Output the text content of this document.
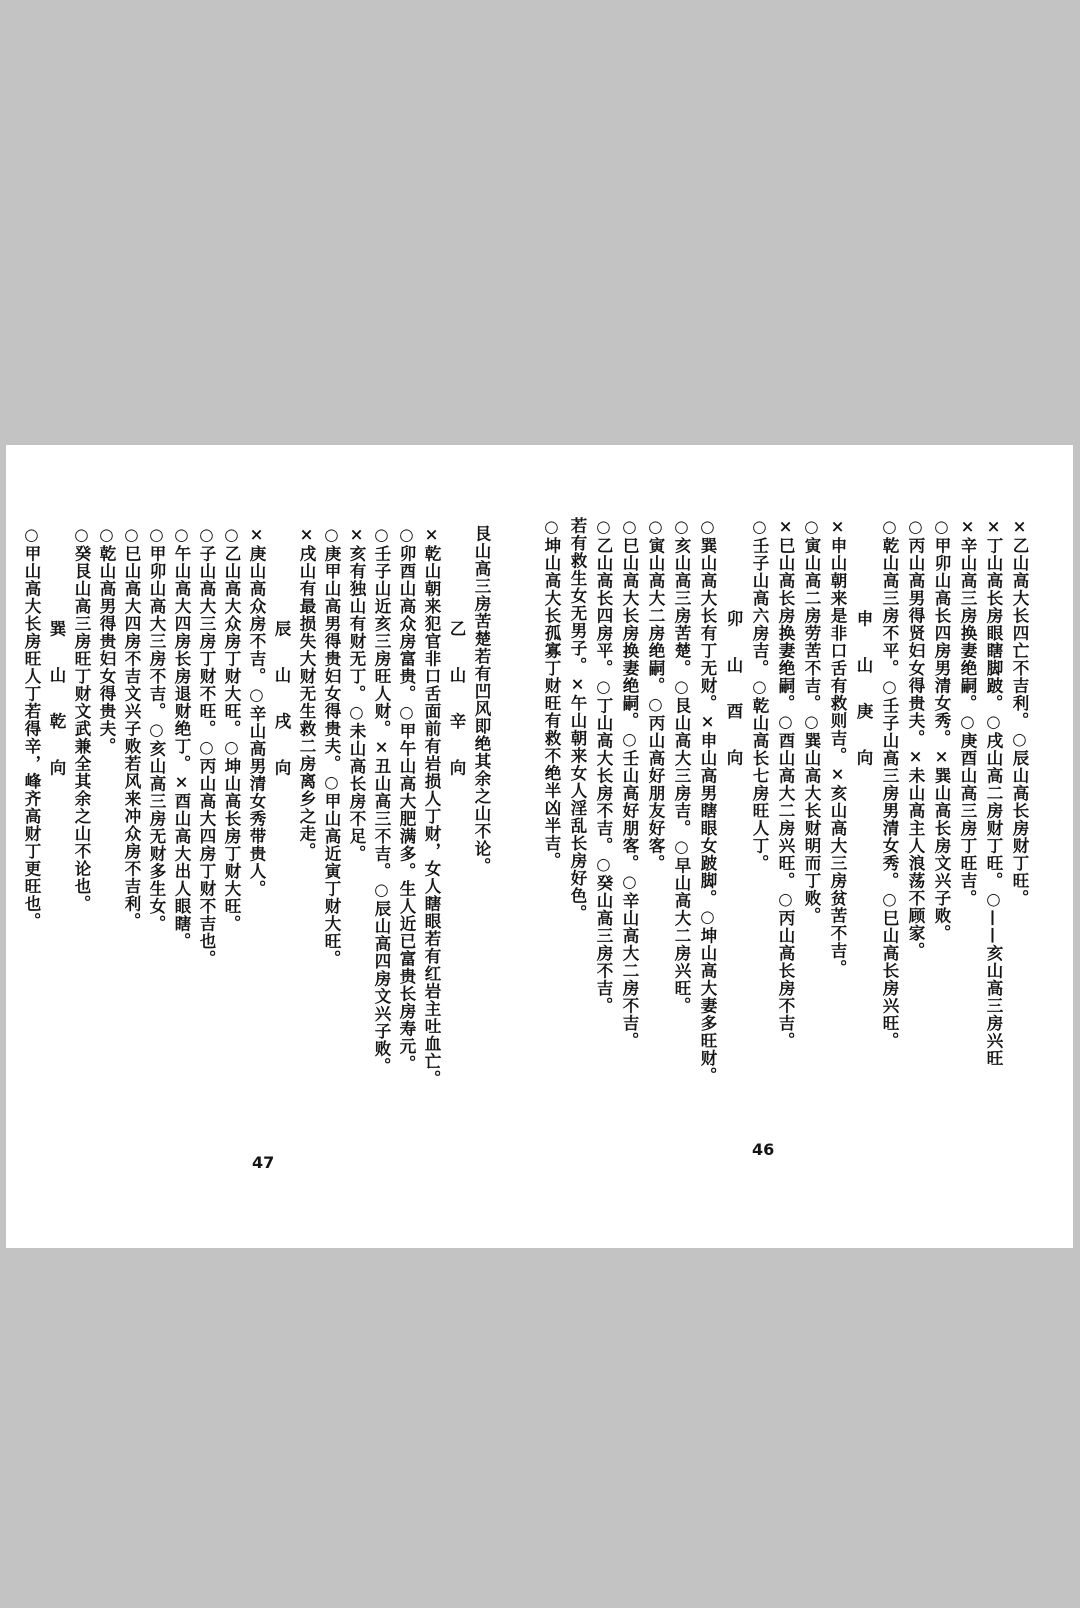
×乙山高大长四亡不吉利。○辰山高长房财丁旺。
×丁山高长房眼瞎脚跛。○戌山高二房财丁旺。○——亥山高三房兴旺
×辛山高三房换妻绝嗣。○庚酉山高三房丁旺吉。
○甲卯山高长四房男清女秀。×巽山高长房文兴子败。
○丙山高男得贤妇女得贵夫。×未山高主人浪荡不顾家。
○乾山高三房不平。○壬子山高三房男清女秀。○巳山高长房兴旺。
申 山 庚 向
×申山朝来是非口舌有救则吉。×亥山高大三房贫苦不吉。
○寅山高二房劳苦不吉。○巽山高大长财明而丁败。
×巳山高长房换妻绝嗣。○酉山高大二房兴旺。○丙山高长房不吉。
○壬子山高六房吉。○乾山高长七房旺人丁。
卯 山 酉 向
○巽山高大长有丁无财。×申山高男瞎眼女跛脚。○坤山高大妻多旺财。
○亥山高三房苦楚。○艮山高大三房吉。○早山高大二房兴旺。
○寅山高大二房绝嗣。○丙山高好朋友好客。
○巳山高大长房换妻绝嗣。○壬山高好朋客。○辛山高大二房不吉。
○乙山高长四房平。○丁山高大长房不吉。○癸山高三房不吉。
若有救生女无男子。×午山朝来女人淫乱长房好色。
○坤山高大长孤寡丁财旺有救不绝半凶半吉。
46
艮山高三房苦楚若有凹风即绝其余之山不论。
乙 山 辛 向
×乾山朝来犯官非口舌面前有岩损人丁财，女人瞎眼若有红岩主吐血亡。
○卯酉山高众房富贵。○甲午山高大肥满多。生人近已富贵长房寿元。
○壬子山近亥三房旺人财。×丑山高三不吉。○辰山高四房文兴子败。
×亥有独山有财无丁。○未山高长房不足。
○庚甲山高男得贵妇女得贵夫。○甲山高近寅丁财大旺。
×戌山有最损失大财无生救二房离乡之走。
辰 山 戌 向
×庚山高众房不吉。○辛山高男清女秀带贵人。
○乙山高大众房丁财大旺。○坤山高长房丁财大旺。
○子山高大三房丁财不旺。○丙山高大四房丁财不吉也。
○午山高大四房长房退财绝丁。×酉山高大出人眼瞎。
○甲卯山高大三房不吉。○亥山高三房无财多生女。
○巳山高大四房不吉文兴子败若风来冲众房不吉利。
○乾山高男得贵妇女得贵夫。
○癸艮山高三房旺丁财文武兼全其余之山不论也。
巽 山 乾 向
○甲山高大长房旺人丁若得辛，峰齐高财丁更旺也。
47
